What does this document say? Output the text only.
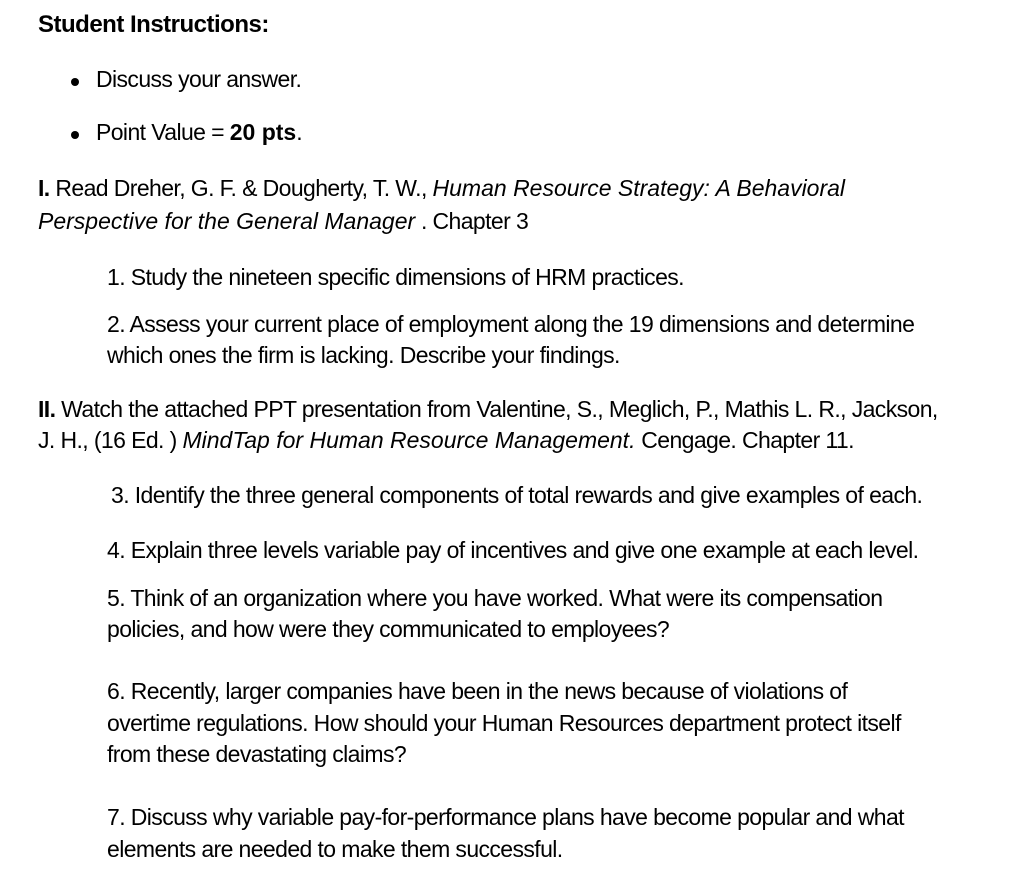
Student Instructions:
Discuss your answer.
Point Value = 20 pts.
I. Read Dreher, G. F. & Dougherty, T. W., Human Resource Strategy: A Behavioral
Perspective for the General Manager . Chapter 3
1. Study the nineteen specific dimensions of HRM practices.
2. Assess your current place of employment along the 19 dimensions and determine
which ones the firm is lacking. Describe your findings.
II. Watch the attached PPT presentation from Valentine, S., Meglich, P., Mathis L. R., Jackson,
J. H., (16 Ed. ) MindTap for Human Resource Management. Cengage. Chapter 11.
3. Identify the three general components of total rewards and give examples of each.
4. Explain three levels variable pay of incentives and give one example at each level.
5. Think of an organization where you have worked. What were its compensation
policies, and how were they communicated to employees?
6. Recently, larger companies have been in the news because of violations of
overtime regulations. How should your Human Resources department protect itself
from these devastating claims?
7. Discuss why variable pay-for-performance plans have become popular and what
elements are needed to make them successful.
